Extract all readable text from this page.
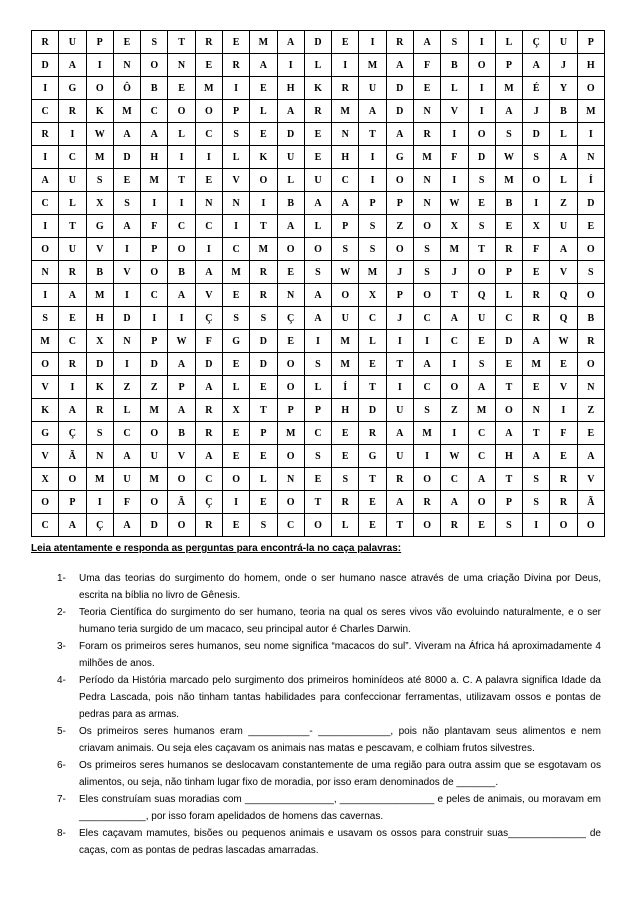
R	U	P	E	S	T	R	E	M	A	D	E	I	R	A	S	I	L	Ç	U	P
D	A	I	N	O	N	E	R	A	I	L	I	M	A	F	B	O	P	A	J	H
I	G	O	Ô	B	E	M	I	E	H	K	R	U	D	E	L	I	M	É	Y	O
C	R	K	M	C	O	O	P	L	A	R	M	A	D	N	V	I	A	J	B	M
R	I	W	A	A	L	C	S	E	D	E	N	T	A	R	I	O	S	D	L	I
I	C	M	D	H	I	I	L	K	U	E	H	I	G	M	F	D	W	S	A	N
A	U	S	E	M	T	E	V	O	L	U	C	I	O	N	I	S	M	O	L	Í
C	L	X	S	I	I	N	N	I	B	A	A	P	P	N	W	E	B	I	Z	D
I	T	G	A	F	C	C	I	T	A	L	P	S	Z	O	X	S	E	X	U	E
O	U	V	I	P	O	I	C	M	O	O	S	S	O	S	M	T	R	F	A	O
N	R	B	V	O	B	A	M	R	E	S	W	M	J	S	J	O	P	E	V	S
I	A	M	I	C	A	V	E	R	N	A	O	X	P	O	T	Q	L	R	Q	O
S	E	H	D	I	I	Ç	S	S	Ç	A	U	C	J	C	A	U	C	R	Q	B
M	C	X	N	P	W	F	G	D	E	I	M	L	I	I	C	E	D	A	W	R
O	R	D	I	D	A	D	E	D	O	S	M	E	T	A	I	S	E	M	E	O
V	I	K	Z	Z	P	A	L	E	O	L	Í	T	I	C	O	A	T	E	V	N
K	A	R	L	M	A	R	X	T	P	P	H	D	U	S	Z	M	O	N	I	Z
G	Ç	S	C	O	B	R	E	P	M	C	E	R	A	M	I	C	A	T	F	E
V	Ã	N	A	U	V	A	E	E	O	S	E	G	U	I	W	C	H	A	E	A
X	O	M	U	M	O	C	O	L	N	E	S	T	R	O	C	A	T	S	R	V
O	P	I	F	O	Ã	Ç	I	E	O	T	R	E	A	R	A	O	P	S	R	Ã
C	A	Ç	A	D	O	R	E	S	C	O	L	E	T	O	R	E	S	I	O	O

Leia atentamente e responda as perguntas para encontrá-la no caça palavras:

1- Uma das teorias do surgimento do homem, onde o ser humano nasce através de uma criação Divina por Deus, escrita na bíblia no livro de Gênesis.
2- Teoria Científica do surgimento do ser humano, teoria na qual os seres vivos vão evoluindo naturalmente, e o ser humano teria surgido de um macaco, seu principal autor é Charles Darwin.
3- Foram os primeiros seres humanos, seu nome significa “macacos do sul”. Viveram na África há aproximadamente 4 milhões de anos.
4- Período da História marcado pelo surgimento dos primeiros hominídeos até 8000 a. C. A palavra significa Idade da Pedra Lascada, pois não tinham tantas habilidades para confeccionar ferramentas, utilizavam ossos e pontas de pedras para as armas.
5- Os primeiros seres humanos eram ___________- _____________, pois não plantavam seus alimentos e nem criavam animais. Ou seja eles caçavam os animais nas matas e pescavam, e colhiam frutos silvestres.
6- Os primeiros seres humanos se deslocavam constantemente de uma região para outra assim que se esgotavam os alimentos, ou seja, não tinham lugar fixo de moradia, por isso eram denominados de _______.
7- Eles construíam suas moradias com ________________, _________________ e peles de animais, ou moravam em ____________, por isso foram apelidados de homens das cavernas.
8- Eles caçavam mamutes, bisões ou pequenos animais e usavam os ossos para construir suas______________ de caças, com as pontas de pedras lascadas amarradas.
